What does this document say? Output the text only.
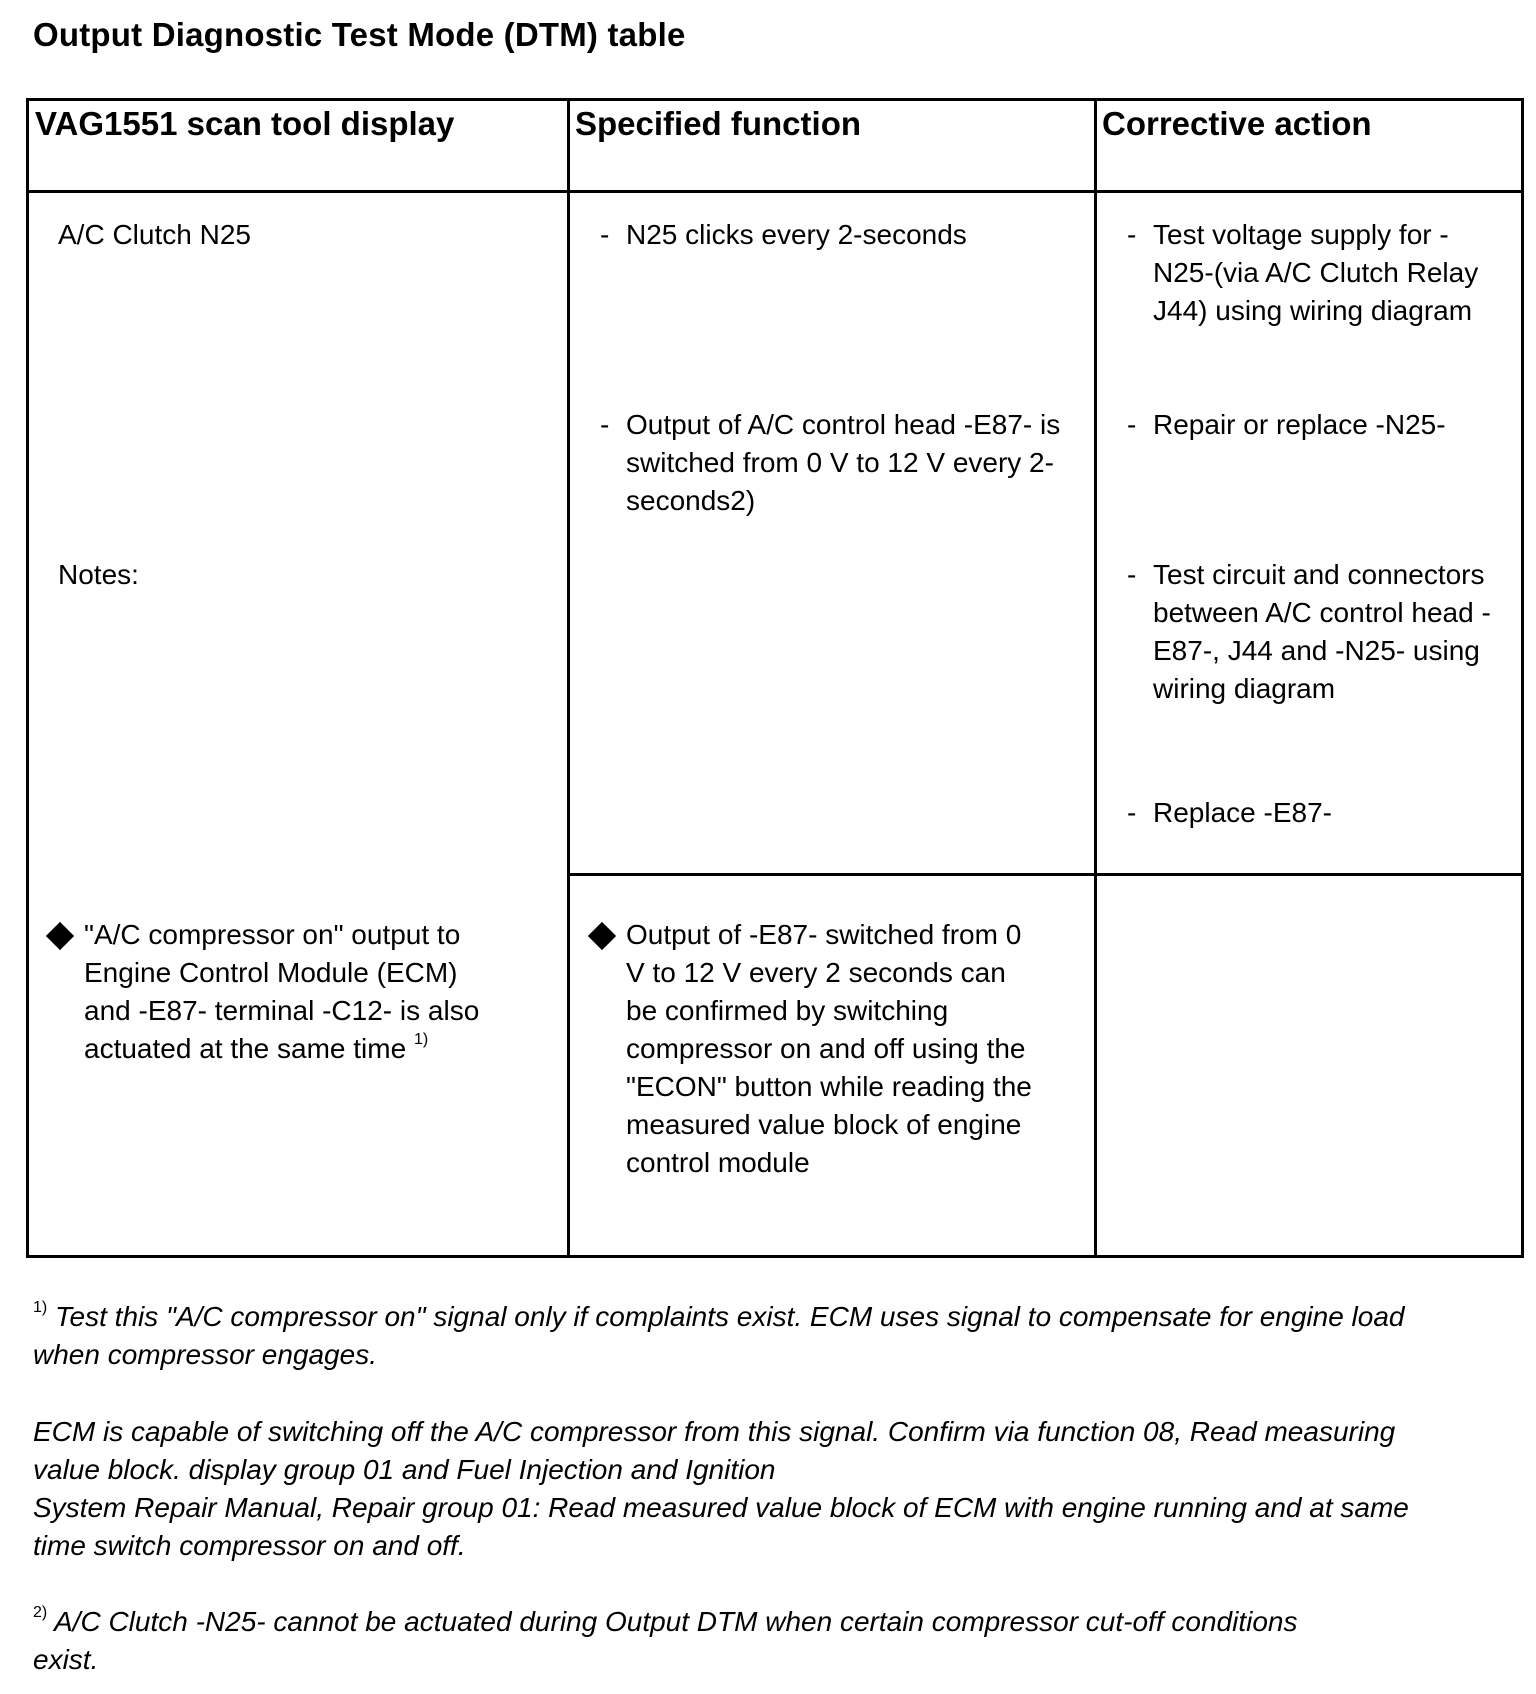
Output Diagnostic Test Mode (DTM) table
VAG1551 scan tool display	Specified function	Corrective action
A/C Clutch N25
Notes:
- N25 clicks every 2-seconds
- Output of A/C control head -E87- is switched from 0 V to 12 V every 2-seconds2)
- Test voltage supply for -N25-(via A/C Clutch Relay J44) using wiring diagram
- Repair or replace -N25-
- Test circuit and connectors between A/C control head -E87-, J44 and -N25- using wiring diagram
- Replace -E87-
"A/C compressor on" output to Engine Control Module (ECM) and -E87- terminal -C12- is also actuated at the same time $^{1)}$
Output of -E87- switched from 0 V to 12 V every 2 seconds can be confirmed by switching compressor on and off using the "ECON" button while reading the measured value block of engine control module
$^{1)}$ Test this "A/C compressor on" signal only if complaints exist. ECM uses signal to compensate for engine load when compressor engages.
ECM is capable of switching off the A/C compressor from this signal. Confirm via function 08, Read measuring value block. display group 01 and Fuel Injection and Ignition
System Repair Manual, Repair group 01: Read measured value block of ECM with engine running and at same time switch compressor on and off.
$^{2)}$ A/C Clutch -N25- cannot be actuated during Output DTM when certain compressor cut-off conditions exist.
